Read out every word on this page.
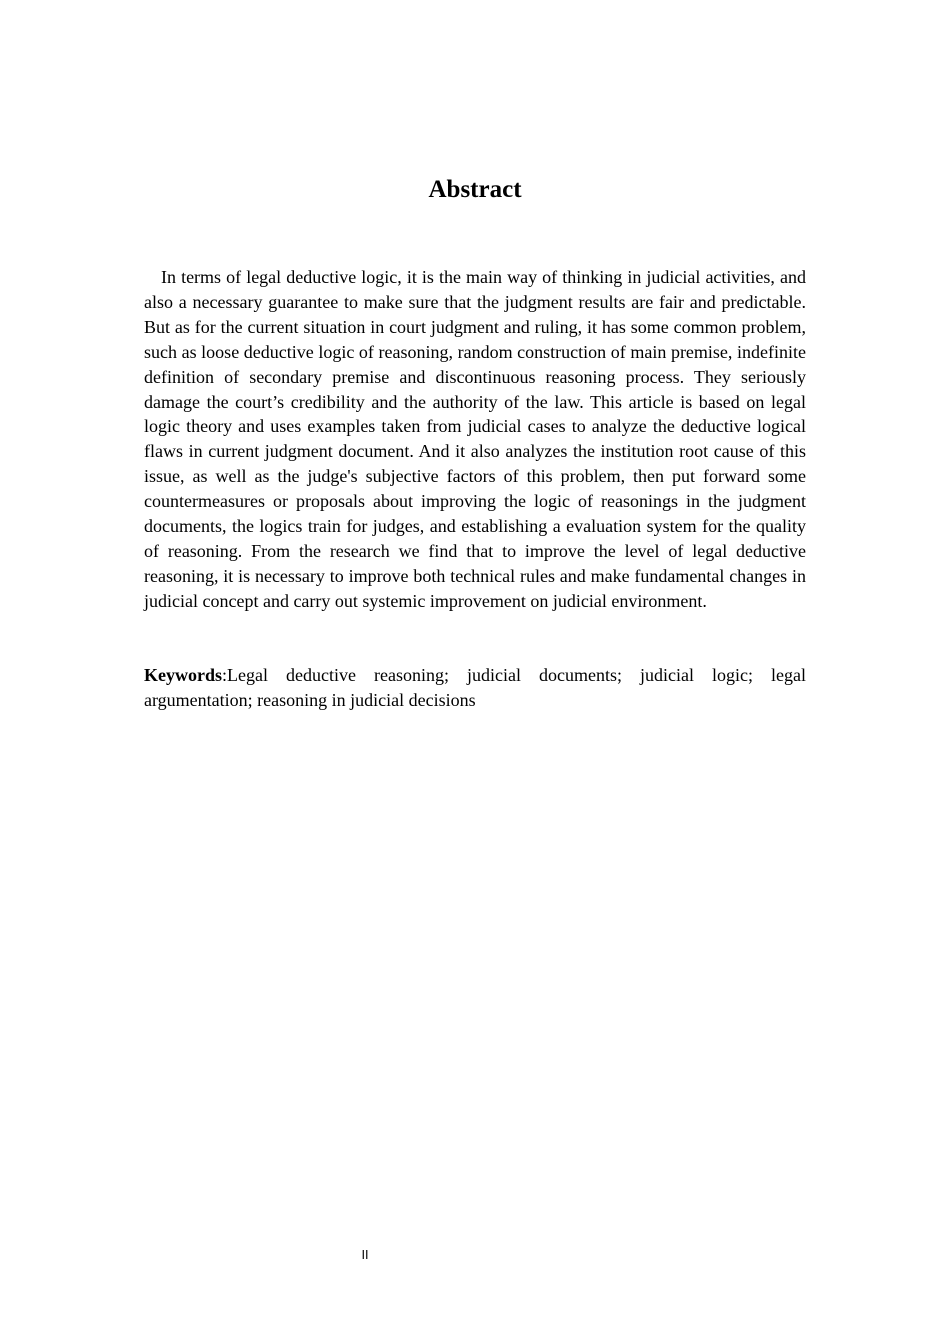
Abstract

In terms of legal deductive logic, it is the main way of thinking in judicial activities, and also a necessary guarantee to make sure that the judgment results are fair and predictable. But as for the current situation in court judgment and ruling, it has some common problem, such as loose deductive logic of reasoning, random construction of main premise, indefinite definition of secondary premise and discontinuous reasoning process. They seriously damage the court’s credibility and the authority of the law. This article is based on legal logic theory and uses examples taken from judicial cases to analyze the deductive logical flaws in current judgment document. And it also analyzes the institution root cause of this issue, as well as the judge's subjective factors of this problem, then put forward some countermeasures or proposals about improving the logic of reasonings in the judgment documents, the logics train for judges, and establishing a evaluation system for the quality of reasoning. From the research we find that to improve the level of legal deductive reasoning, it is necessary to improve both technical rules and make fundamental changes in judicial concept and carry out systemic improvement on judicial environment.

Keywords:Legal deductive reasoning; judicial documents; judicial logic; legal argumentation; reasoning in judicial decisions

II
